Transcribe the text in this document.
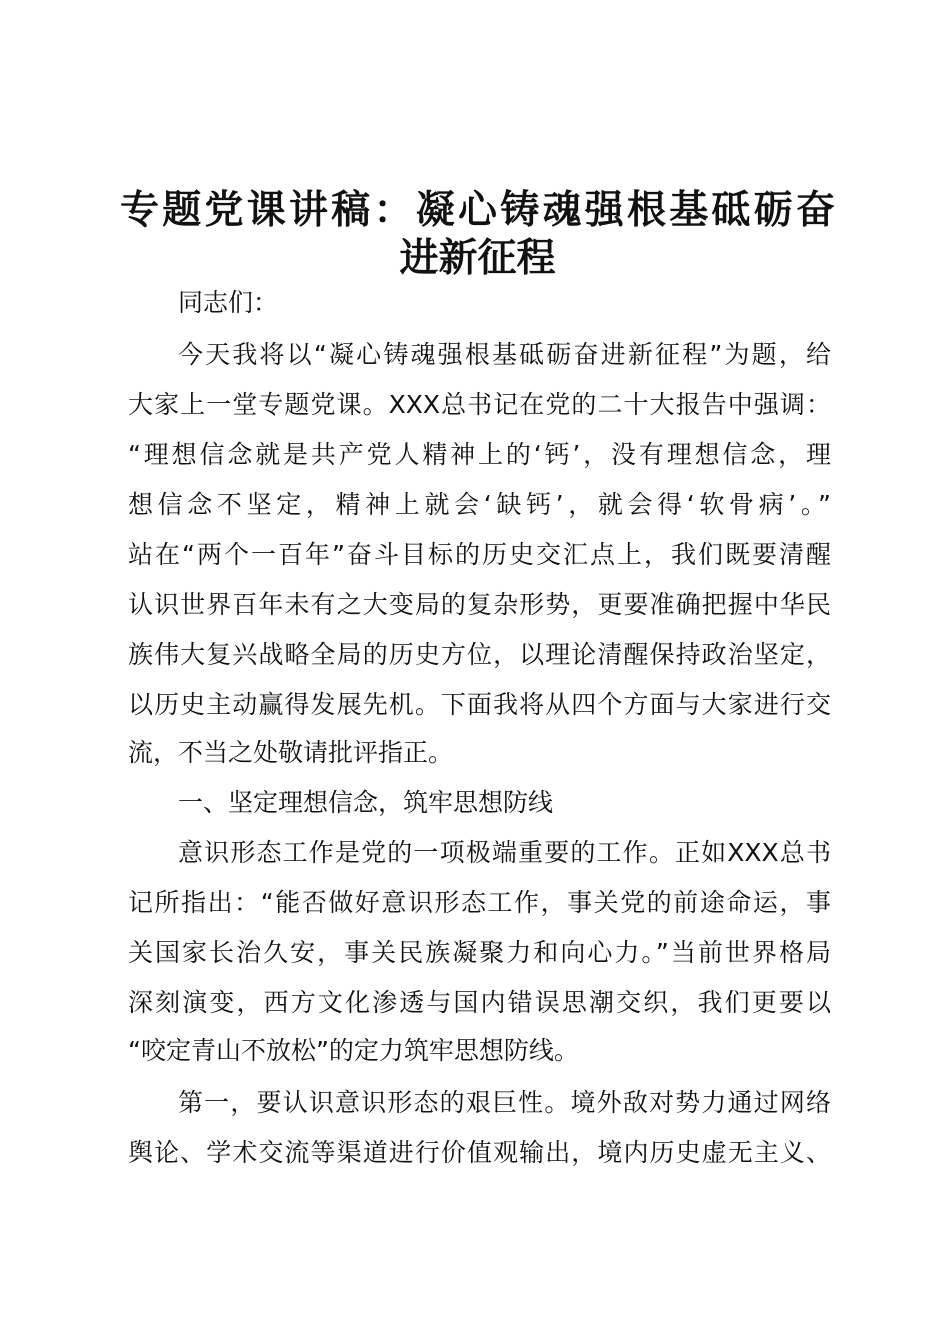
专题党课讲稿：凝心铸魂强根基砥砺奋
进新征程
同志们：
今天我将以“凝心铸魂强根基砥砺奋进新征程”为题，给
大家上一堂专题党课。XXX总书记在党的二十大报告中强调：
“理想信念就是共产党人精神上的‘钙’，没有理想信念，理
想信念不坚定，精神上就会‘缺钙’，就会得‘软骨病’。”
站在“两个一百年”奋斗目标的历史交汇点上，我们既要清醒
认识世界百年未有之大变局的复杂形势，更要准确把握中华民
族伟大复兴战略全局的历史方位，以理论清醒保持政治坚定，
以历史主动赢得发展先机。下面我将从四个方面与大家进行交
流，不当之处敬请批评指正。
一、坚定理想信念，筑牢思想防线
意识形态工作是党的一项极端重要的工作。正如XXX总书
记所指出：“能否做好意识形态工作，事关党的前途命运，事
关国家长治久安，事关民族凝聚力和向心力。”当前世界格局
深刻演变，西方文化渗透与国内错误思潮交织，我们更要以
“咬定青山不放松”的定力筑牢思想防线。
第一，要认识意识形态的艰巨性。境外敌对势力通过网络
舆论、学术交流等渠道进行价值观输出，境内历史虚无主义、
